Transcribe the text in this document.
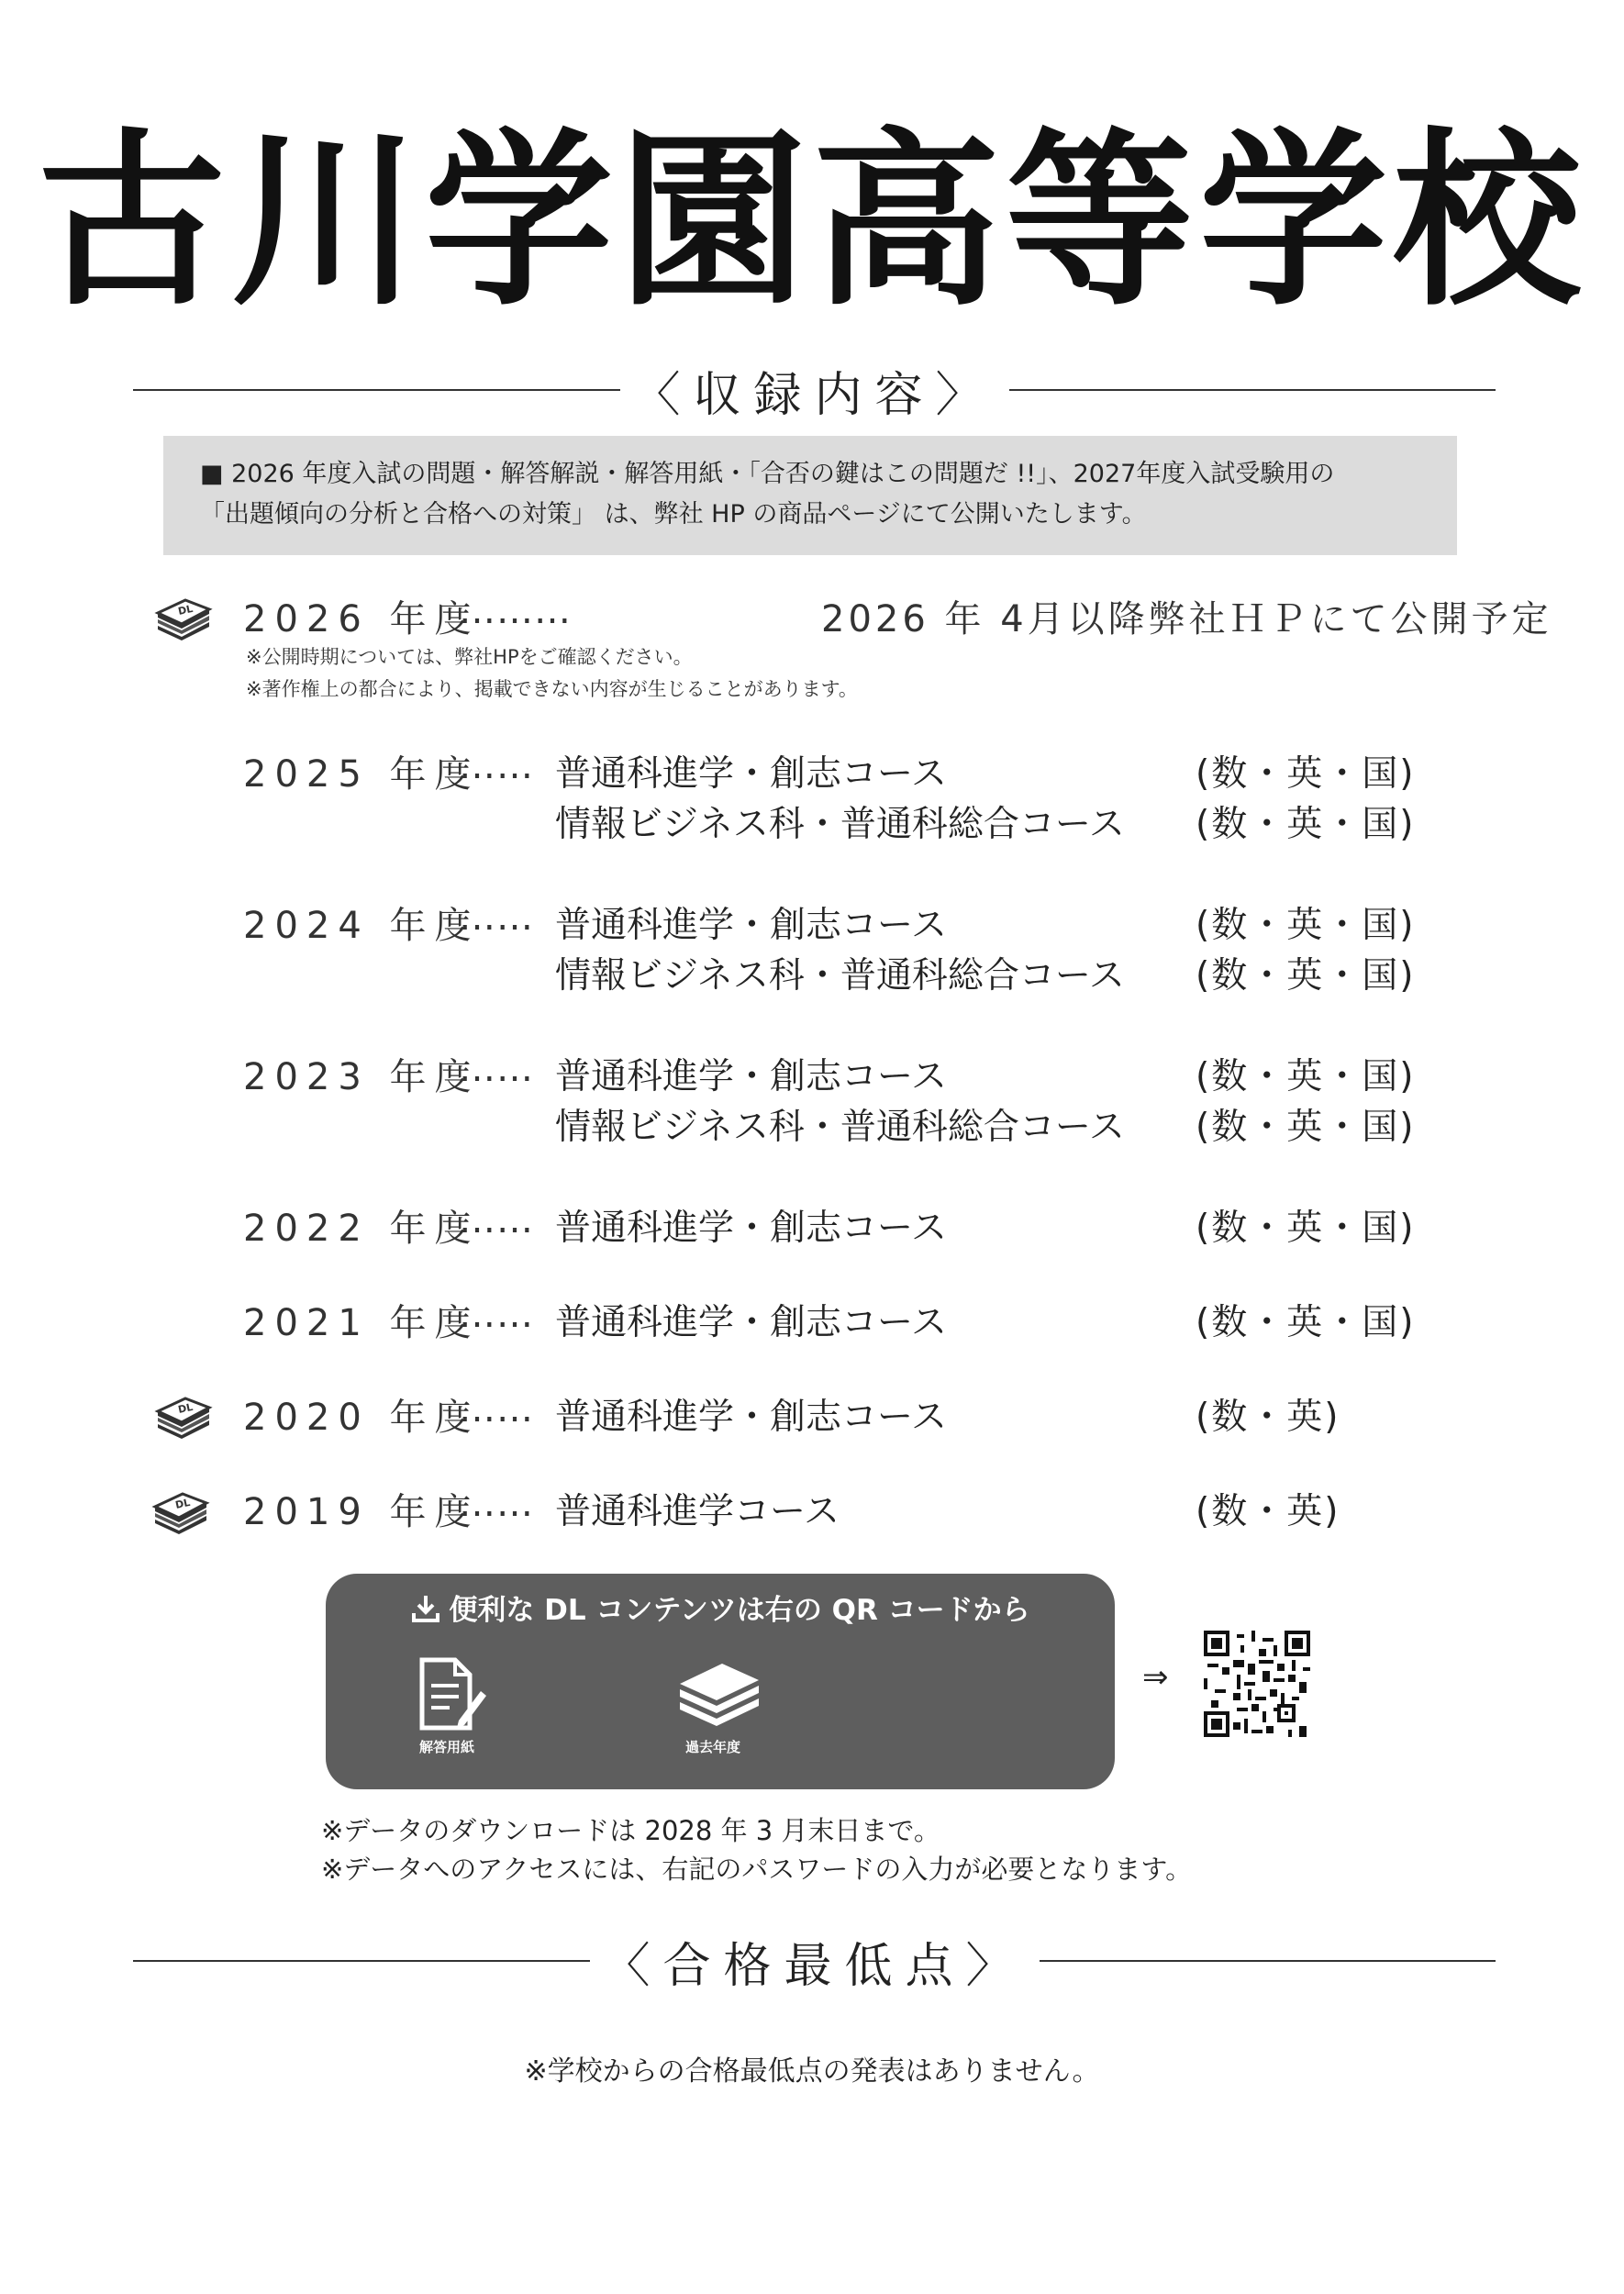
古川学園高等学校
〈収録内容〉
■ 2026 年度入試の問題・解答解説・解答用紙・「合否の鍵はこの問題だ !!」、2027年度入試受験用の
「出題傾向の分析と合格への対策」 は、弊社 HP の商品ページにて公開いたします。
2026 年度
………	2026 年 4月以降弊社ＨＰにて公開予定
※公開時期については、弊社HPをご確認ください。
※著作権上の都合により、掲載できない内容が生じることがあります。
2025 年度
…… 普通科進学・創志コース	(数・英・国)
情報ビジネス科・普通科総合コース (数・英・国)
2024 年度
…… 普通科進学・創志コース	(数・英・国)
情報ビジネス科・普通科総合コース (数・英・国)
2023 年度
…… 普通科進学・創志コース	(数・英・国)
情報ビジネス科・普通科総合コース (数・英・国)
2022 年度
…… 普通科進学・創志コース	(数・英・国)
2021 年度
…… 普通科進学・創志コース	(数・英・国)
2020 年度
…… 普通科進学・創志コース	(数・英)
2019 年度
…… 普通科進学コース	(数・英)
便利な DL コンテンツは右の QR コードから
解答用紙	過去年度
⇒
※データのダウンロードは 2028 年 3 月末日まで。
※データへのアクセスには、右記のパスワードの入力が必要となります。
〈合格最低点〉
※学校からの合格最低点の発表はありません。
